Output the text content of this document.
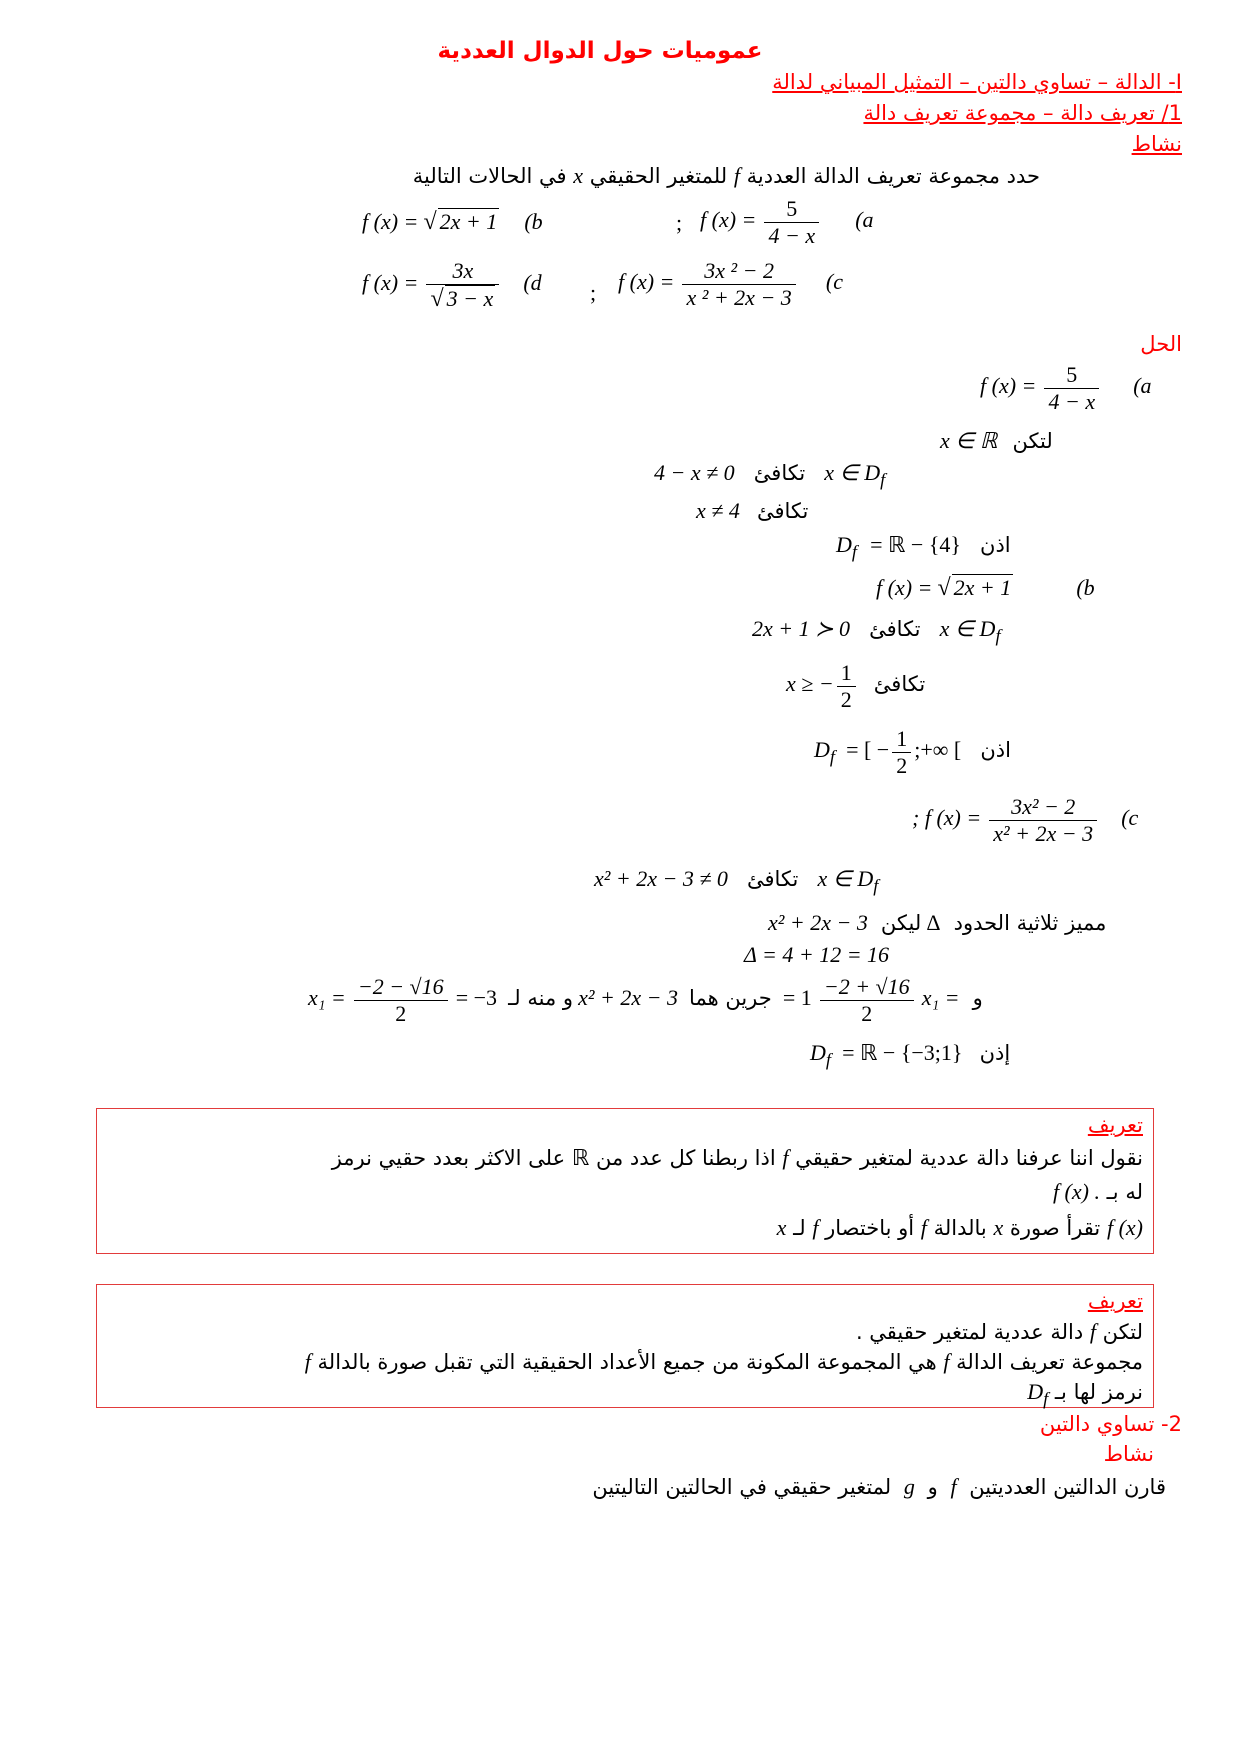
عموميات حول الدوال العددية
I- الدالة – تساوي دالتين – التمثيل المبياني لدالة
1/ تعريف دالة – مجموعة تعريف دالة
نشاط
حدد مجموعة تعريف الدالة العددية f للمتغير الحقيقي x في الحالات التالية
f $(x) = \frac{5}{4 - x} (a$
;
f (x) = √ 2x + 1 (b
f $(x) = \frac{\text{3x ² − 2}}{\text{x ² + 2x − 3}} (c$
;
f $(x) = \frac{3x}{√ 3 - x} (d$
الحل
f $(x) = \frac{5}{4 - x} (a$
x ∈ ℝ لتكن
4 − x ≠ 0 تكافئ x ∈ $D_f$
x ≠ 4 تكافئ
$D_f$ = ℝ − {4} اذن
f (x) = √ 2x + 1	(b
2x + 1 ≻ 0 تكافئ x ∈ $D_f$
x ≥ − $\frac{1}{2}$ تكافئ
$D_f$ = [ − $\frac{1}{2}$ ;+∞ [ اذن
; f $(x) = \frac{\text{3x² − 2}}{\text{x² + 2x − 3}} (c$
x² + 2x − 3 ≠ 0 تكافئ x ∈ $D_f$
x² + 2x − 3	مميز ثلاثية الحدود Δ ليكن
Δ = 4 + 12 = 16
$x_1 = \frac{-2 - √16}{2} = -3$	و x₁ =
$\frac{-2 + √16}{2}$
= 1 جرين هما x² + 2x − 3 و منه لـ
$D_f$ = ℝ − {−3;1} إذن
تعريف
نقول اننا عرفنا دالة عددية لمتغير حقيقي f اذا ربطنا كل عدد من ℝ على الاكثر بعدد حقيي نرمز
له بـ f (x) .
f (x) تقرأ صورة x بالدالة f أو باختصار f لـ x
تعريف
لتكن f دالة عددية لمتغير حقيقي .
مجموعة تعريف الدالة f هي المجموعة المكونة من جميع الأعداد الحقيقية التي تقبل صورة بالدالة f
نرمز لها بـ $D_f$
2- تساوي دالتين
نشاط
قارن الدالتين العدديتين f و g لمتغير حقيقي في الحالتين التاليتين
